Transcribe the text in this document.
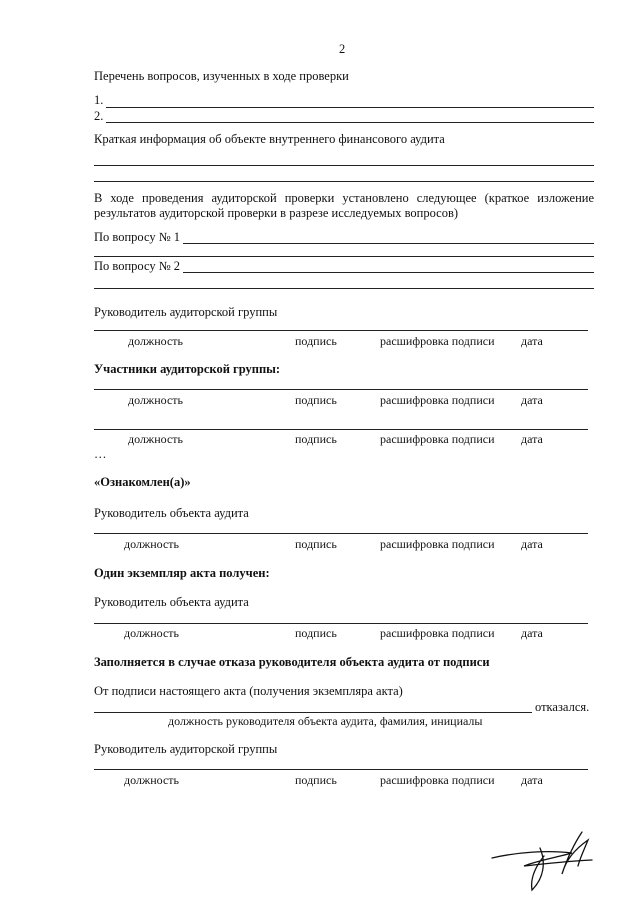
2
Перечень вопросов, изученных в ходе проверки
1.
2.
Краткая информация об объекте внутреннего финансового аудита
В ходе проведения аудиторской проверки установлено следующее (краткое изложение
результатов аудиторской проверки в разрезе исследуемых вопросов)
По вопросу № 1
По вопросу № 2
Руководитель аудиторской группы
должность	подпись	расшифровка подписи дата
Участники аудиторской группы:
должность	подпись	расшифровка подписи дата
должность	подпись	расшифровка подписи дата
…
«Ознакомлен(а)»
Руководитель объекта аудита
должность	подпись	расшифровка подписи дата
Один экземпляр акта получен:
Руководитель объекта аудита
должность	подпись	расшифровка подписи дата
Заполняется в случае отказа руководителя объекта аудита от подписи
От подписи настоящего акта (получения экземпляра акта)
отказался.
должность руководителя объекта аудита, фамилия, инициалы
Руководитель аудиторской группы
должность	подпись	расшифровка подписи дата
